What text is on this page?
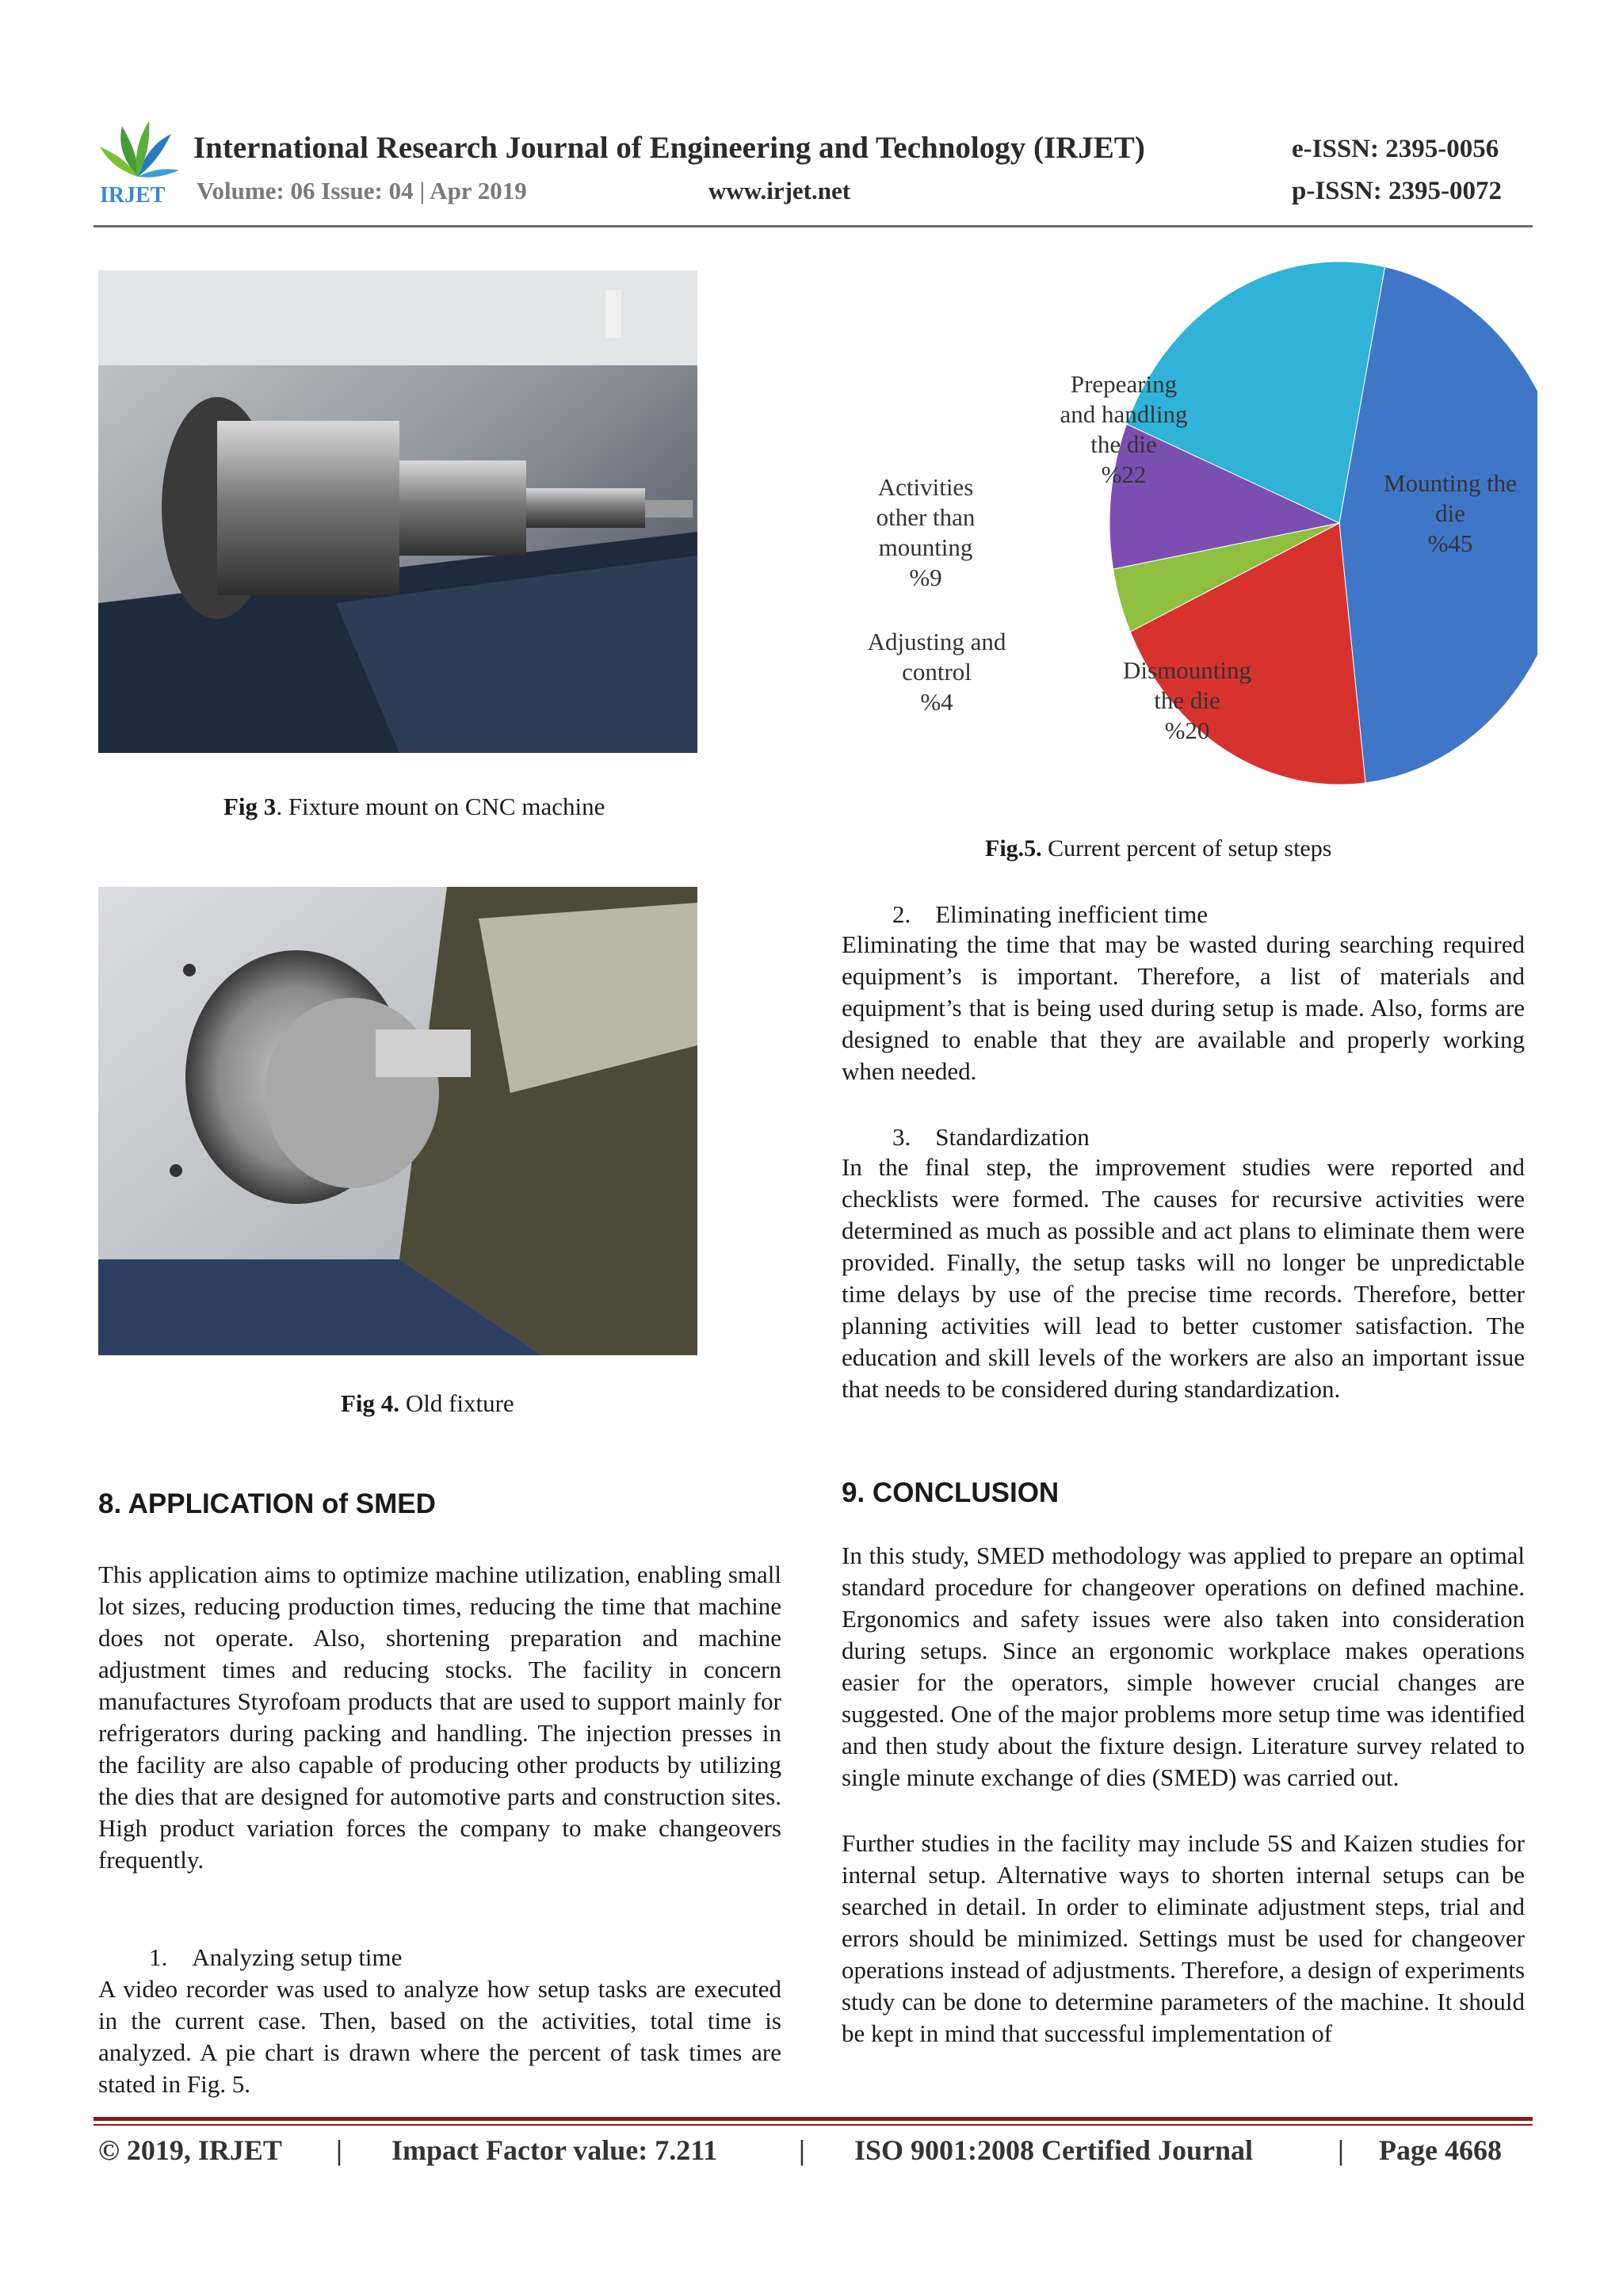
IRJET
International Research Journal of Engineering and Technology (IRJET)	e-ISSN: 2395-0056
Volume: 06 Issue: 04 | Apr 2019	www.irjet.net	p-ISSN: 2395-0072
Fig 3. Fixture mount on CNC machine
Fig 4. Old fixture
Mounting the die %45
Dismounting the die %20
Adjusting and control %4
Activities other than mounting %9
Prepearing and handling the die %22
Fig.5. Current percent of setup steps
2.    Eliminating inefficient time
Eliminating the time that may be wasted during searching required equipment’s is important. Therefore, a list of materials and equipment’s that is being used during setup is made. Also, forms are designed to enable that they are available and properly working when needed.
3.    Standardization
In the final step, the improvement studies were reported and checklists were formed. The causes for recursive activities were determined as much as possible and act plans to eliminate them were provided. Finally, the setup tasks will no longer be unpredictable time delays by use of the precise time records. Therefore, better planning activities will lead to better customer satisfaction. The education and skill levels of the workers are also an important issue that needs to be considered during standardization.
9. CONCLUSION
In this study, SMED methodology was applied to prepare an optimal standard procedure for changeover operations on defined machine. Ergonomics and safety issues were also taken into consideration during setups. Since an ergonomic workplace makes operations easier for the operators, simple however crucial changes are suggested. One of the major problems more setup time was identified and then study about the fixture design. Literature survey related to single minute exchange of dies (SMED) was carried out.
Further studies in the facility may include 5S and Kaizen studies for internal setup. Alternative ways to shorten internal setups can be searched in detail. In order to eliminate adjustment steps, trial and errors should be minimized. Settings must be used for changeover operations instead of adjustments. Therefore, a design of experiments study can be done to determine parameters of the machine. It should be kept in mind that successful implementation of
8. APPLICATION of SMED
This application aims to optimize machine utilization, enabling small lot sizes, reducing production times, reducing the time that machine does not operate. Also, shortening preparation and machine adjustment times and reducing stocks. The facility in concern manufactures Styrofoam products that are used to support mainly for refrigerators during packing and handling. The injection presses in the facility are also capable of producing other products by utilizing the dies that are designed for automotive parts and construction sites. High product variation forces the company to make changeovers frequently.
1.    Analyzing setup time
A video recorder was used to analyze how setup tasks are executed in the current case. Then, based on the activities, total time is analyzed. A pie chart is drawn where the percent of task times are stated in Fig. 5.
© 2019, IRJET | Impact Factor value: 7.211	| ISO 9001:2008 Certified Journal	| Page 4668
